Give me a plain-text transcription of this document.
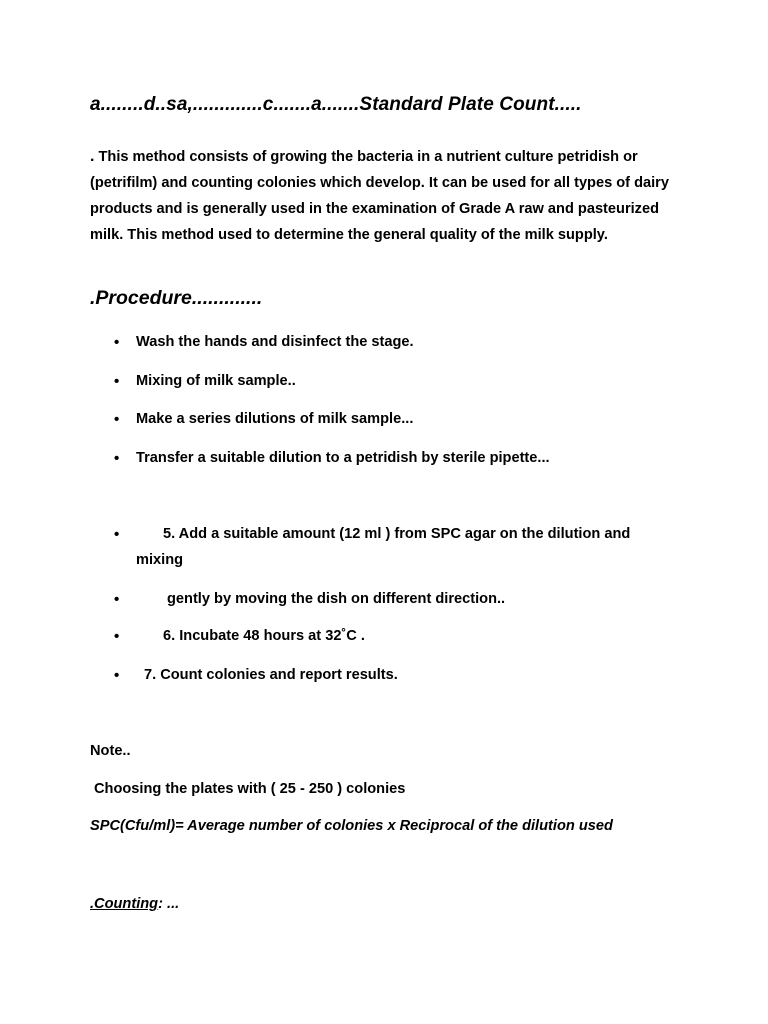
a........d..sa,.............c.......a.......Standard Plate Count.....

. This method consists of growing the bacteria in a nutrient culture petridish or (petrifilm) and counting colonies which develop. It can be used for all types of dairy products and is generally used in the examination of Grade A raw and pasteurized milk. This method used to determine the general quality of the milk supply.

.Procedure.............
• Wash the hands and disinfect the stage.
• Mixing of milk sample..
• Make a series dilutions of milk sample...
• Transfer a suitable dilution to a petridish by sterile pipette...
•	5. Add a suitable amount (12 ml ) from SPC agar on the dilution and
mixing
•	gently by moving the dish on different direction..
•	6. Incubate 48 hours at 32˚C .
• 7. Count colonies and report results.

Note..

Choosing the plates with ( 25 - 250 ) colonies

SPC(Cfu/ml)= Average number of colonies x Reciprocal of the dilution used

.Counting: ...
